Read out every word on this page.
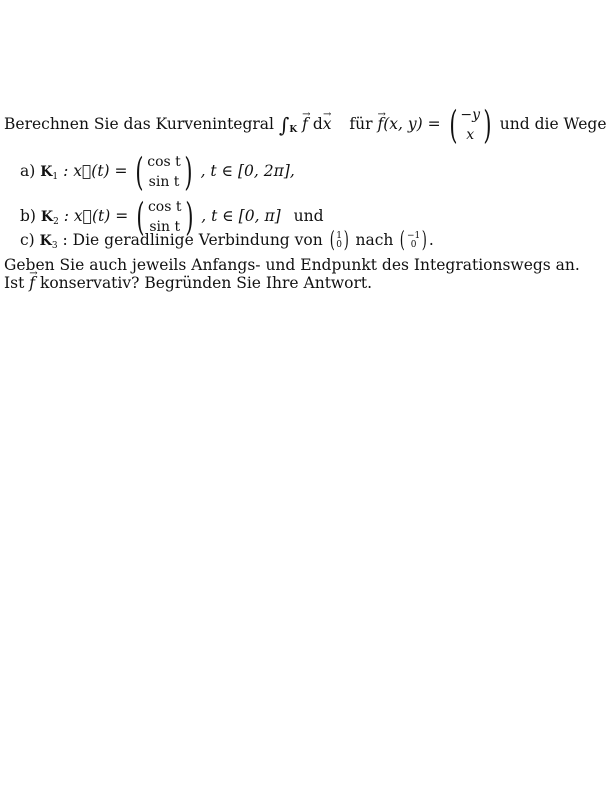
Berechnen Sie das Kurvenintegral $\int_K \to f$ d→ x für → f(x, y) = ( −y
x ) und die Wege
a) $K_1$ : x⃗(t) = ( cos t
sin t ) , t ∈ [0, 2π],
b) $K_2$ : x⃗(t) = ( cos t
sin t ) , t ∈ [0, π] und
c) $K_3$ : Die geradlinige Verbindung von ( 1
0 ) nach ( −1
0 ) .
Geben Sie auch jeweils Anfangs- und Endpunkt des Integrationswegs an.
Ist → f konservativ? Begründen Sie Ihre Antwort.
